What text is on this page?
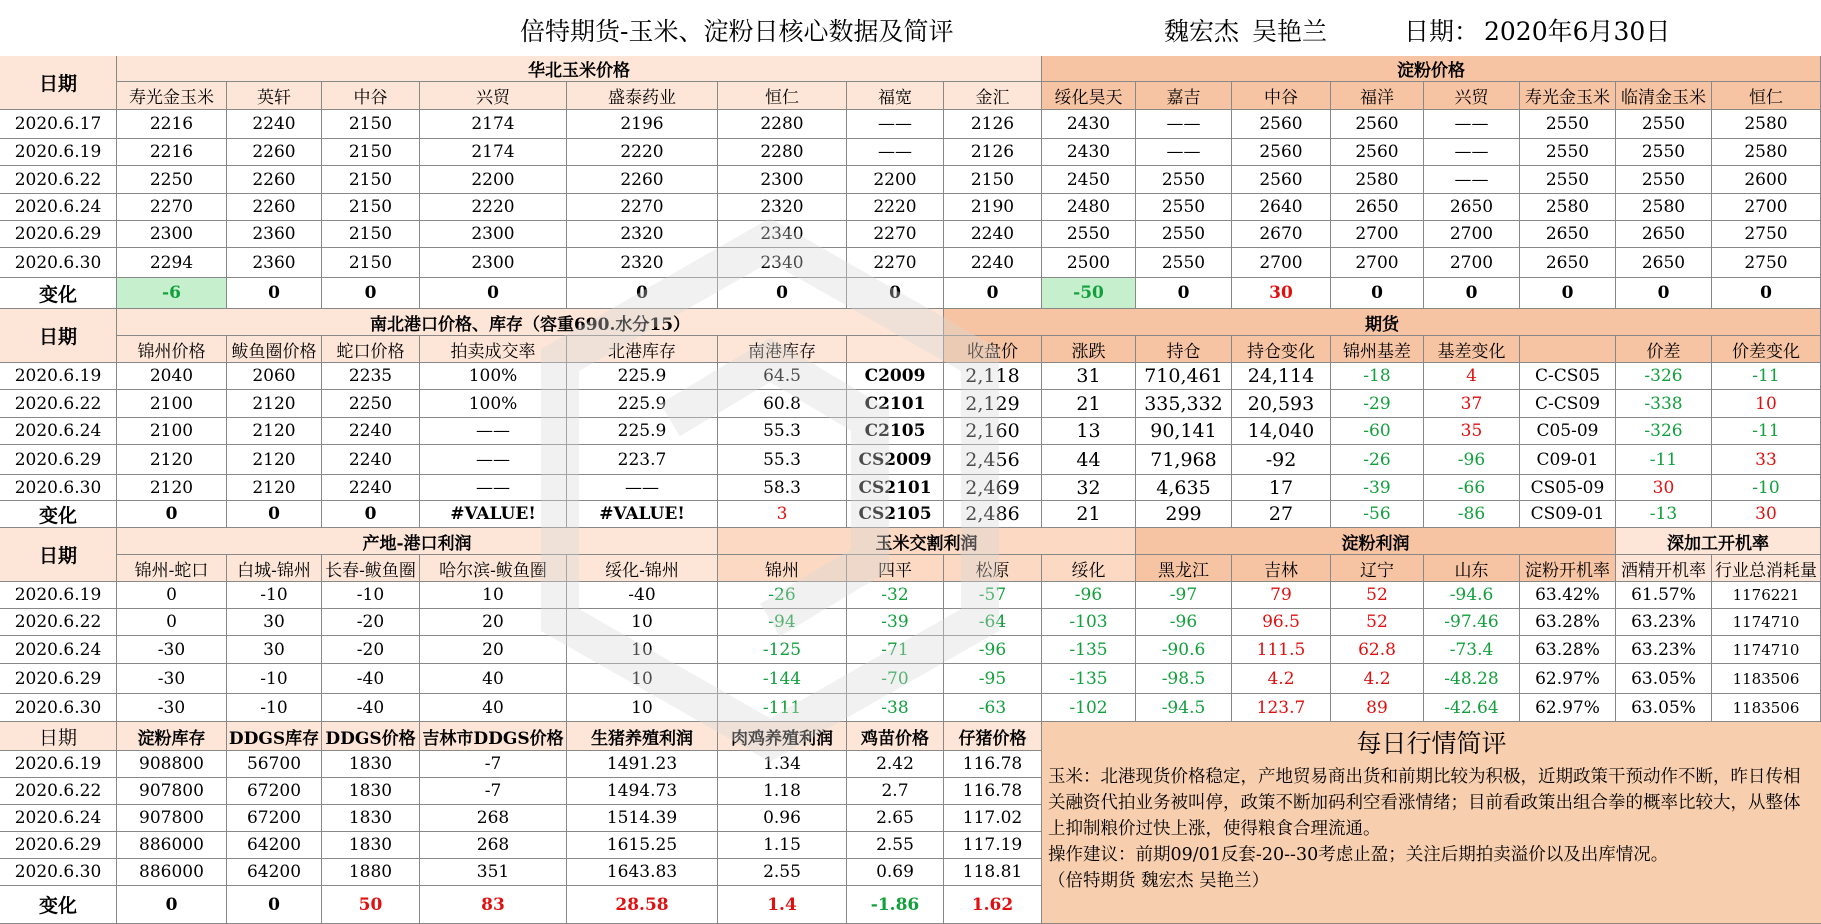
倍特期货-玉米、淀粉日核心数据及简评	魏宏杰 吴艳兰	日期： 2020年6月30日
日期
华北玉米价格	淀粉价格
寿光金玉米	英轩	中谷	兴贸	盛泰药业	恒仁	福宽	金汇	绥化昊天	嘉吉	中谷	福洋	兴贸	寿光金玉米 临清金玉米	恒仁
2020.6.17	2216	2240	2150	2174	2196	2280	——	2126	2430	——	2560	2560	——	2550	2550	2580
2020.6.19	2216	2260	2150	2174	2220	2280	——	2126	2430	——	2560	2560	——	2550	2550	2580
2020.6.22	2250	2260	2150	2200	2260	2300	2200	2150	2450	2550	2560	2580	——	2550	2550	2600
2020.6.24	2270	2260	2150	2220	2270	2320	2220	2190	2480	2550	2640	2650	2650	2580	2580	2700
2020.6.29	2300	2360	2150	2300	2320	2340	2270	2240	2550	2550	2670	2700	2700	2650	2650	2750
2020.6.30	2294	2360	2150	2300	2320	2340	2270	2240	2500	2550	2700	2700	2700	2650	2650	2750
变化	-6	0	0	0	0	0	0	0	-50	0	30	0	0	0	0	0
日期
南北港口价格、库存（容重690.水分15）	期货
锦州价格	鲅鱼圈价格	蛇口价格	拍卖成交率	北港库存	南港库存	收盘价	涨跌	持仓	持仓变化	锦州基差	基差变化	价差	价差变化
2020.6.19	2040	2060	2235	100%	225.9	64.5	C2009	2,118	31	710,461	24,114	-18	4	C-CS05	-326	-11
2020.6.22	2100	2120	2250	100%	225.9	60.8	C2101	2,129	21	335,332	20,593	-29	37	C-CS09	-338	10
2020.6.24	2100	2120	2240	——	225.9	55.3	C2105	2,160	13	90,141	14,040	-60	35	C05-09	-326	-11
2020.6.29	2120	2120	2240	——	223.7	55.3	CS2009	2,456	44	71,968	-92	-26	-96	C09-01	-11	33
2020.6.30	2120	2120	2240	——	——	58.3	CS2101	2,469	32	4,635	17	-39	-66	CS05-09	30	-10
变化	0	0	0	#VALUE!	#VALUE!	3	CS2105	2,486	21	299	27	-56	-86	CS09-01	-13	30
日期
产地-港口利润	玉米交割利润	淀粉利润	深加工开机率
锦州-蛇口	白城-锦州 长春-鲅鱼圈	哈尔滨-鲅鱼圈	绥化-锦州	锦州	四平	松原	绥化	黑龙江	吉林	辽宁	山东	淀粉开机率 酒精开机率 行业总消耗量
2020.6.19	0	-10	-10	10	-40	-26	-32	-57	-96	-97	79	52	-94.6	63.42%	61.57%	1176221
2020.6.22	0	30	-20	20	10	-94	-39	-64	-103	-96	96.5	52	-97.46	63.28%	63.23%	1174710
2020.6.24	-30	30	-20	20	10	-125	-71	-96	-135	-90.6	111.5	62.8	-73.4	63.28%	63.23%	1174710
2020.6.29	-30	-10	-40	40	10	-144	-70	-95	-135	-98.5	4.2	4.2	-48.28	62.97%	63.05%	1183506
2020.6.30	-30	-10	-40	40	10	-111	-38	-63	-102	-94.5	123.7	89	-42.64	62.97%	63.05%	1183506
日期	淀粉库存	DDGS库存 DDGS价格 吉林市DDGS价格	生猪养殖利润	肉鸡养殖利润	鸡苗价格	仔猪价格
2020.6.19	908800	56700	1830	-7	1491.23	1.34	2.42	116.78
2020.6.22	907800	67200	1830	-7	1494.73	1.18	2.7	116.78
2020.6.24	907800	67200	1830	268	1514.39	0.96	2.65	117.02
2020.6.29	886000	64200	1830	268	1615.25	1.15	2.55	117.19
2020.6.30	886000	64200	1880	351	1643.83	2.55	0.69	118.81
变化	0	0	50	83	28.58	1.4	-1.86	1.62
每日行情简评

玉米：北港现货价格稳定，产地贸易商出货和前期比较为积极，近期政策干预动作不断，昨日传相关融资代拍业务被叫停，政策不断加码利空看涨情绪；目前看政策出组合拳的概率比较大，从整体上抑制粮价过快上涨，使得粮食合理流通。

操作建议：前期09/01反套-20--30考虑止盈；关注后期拍卖溢价以及出库情况。

（倍特期货 魏宏杰 吴艳兰）
